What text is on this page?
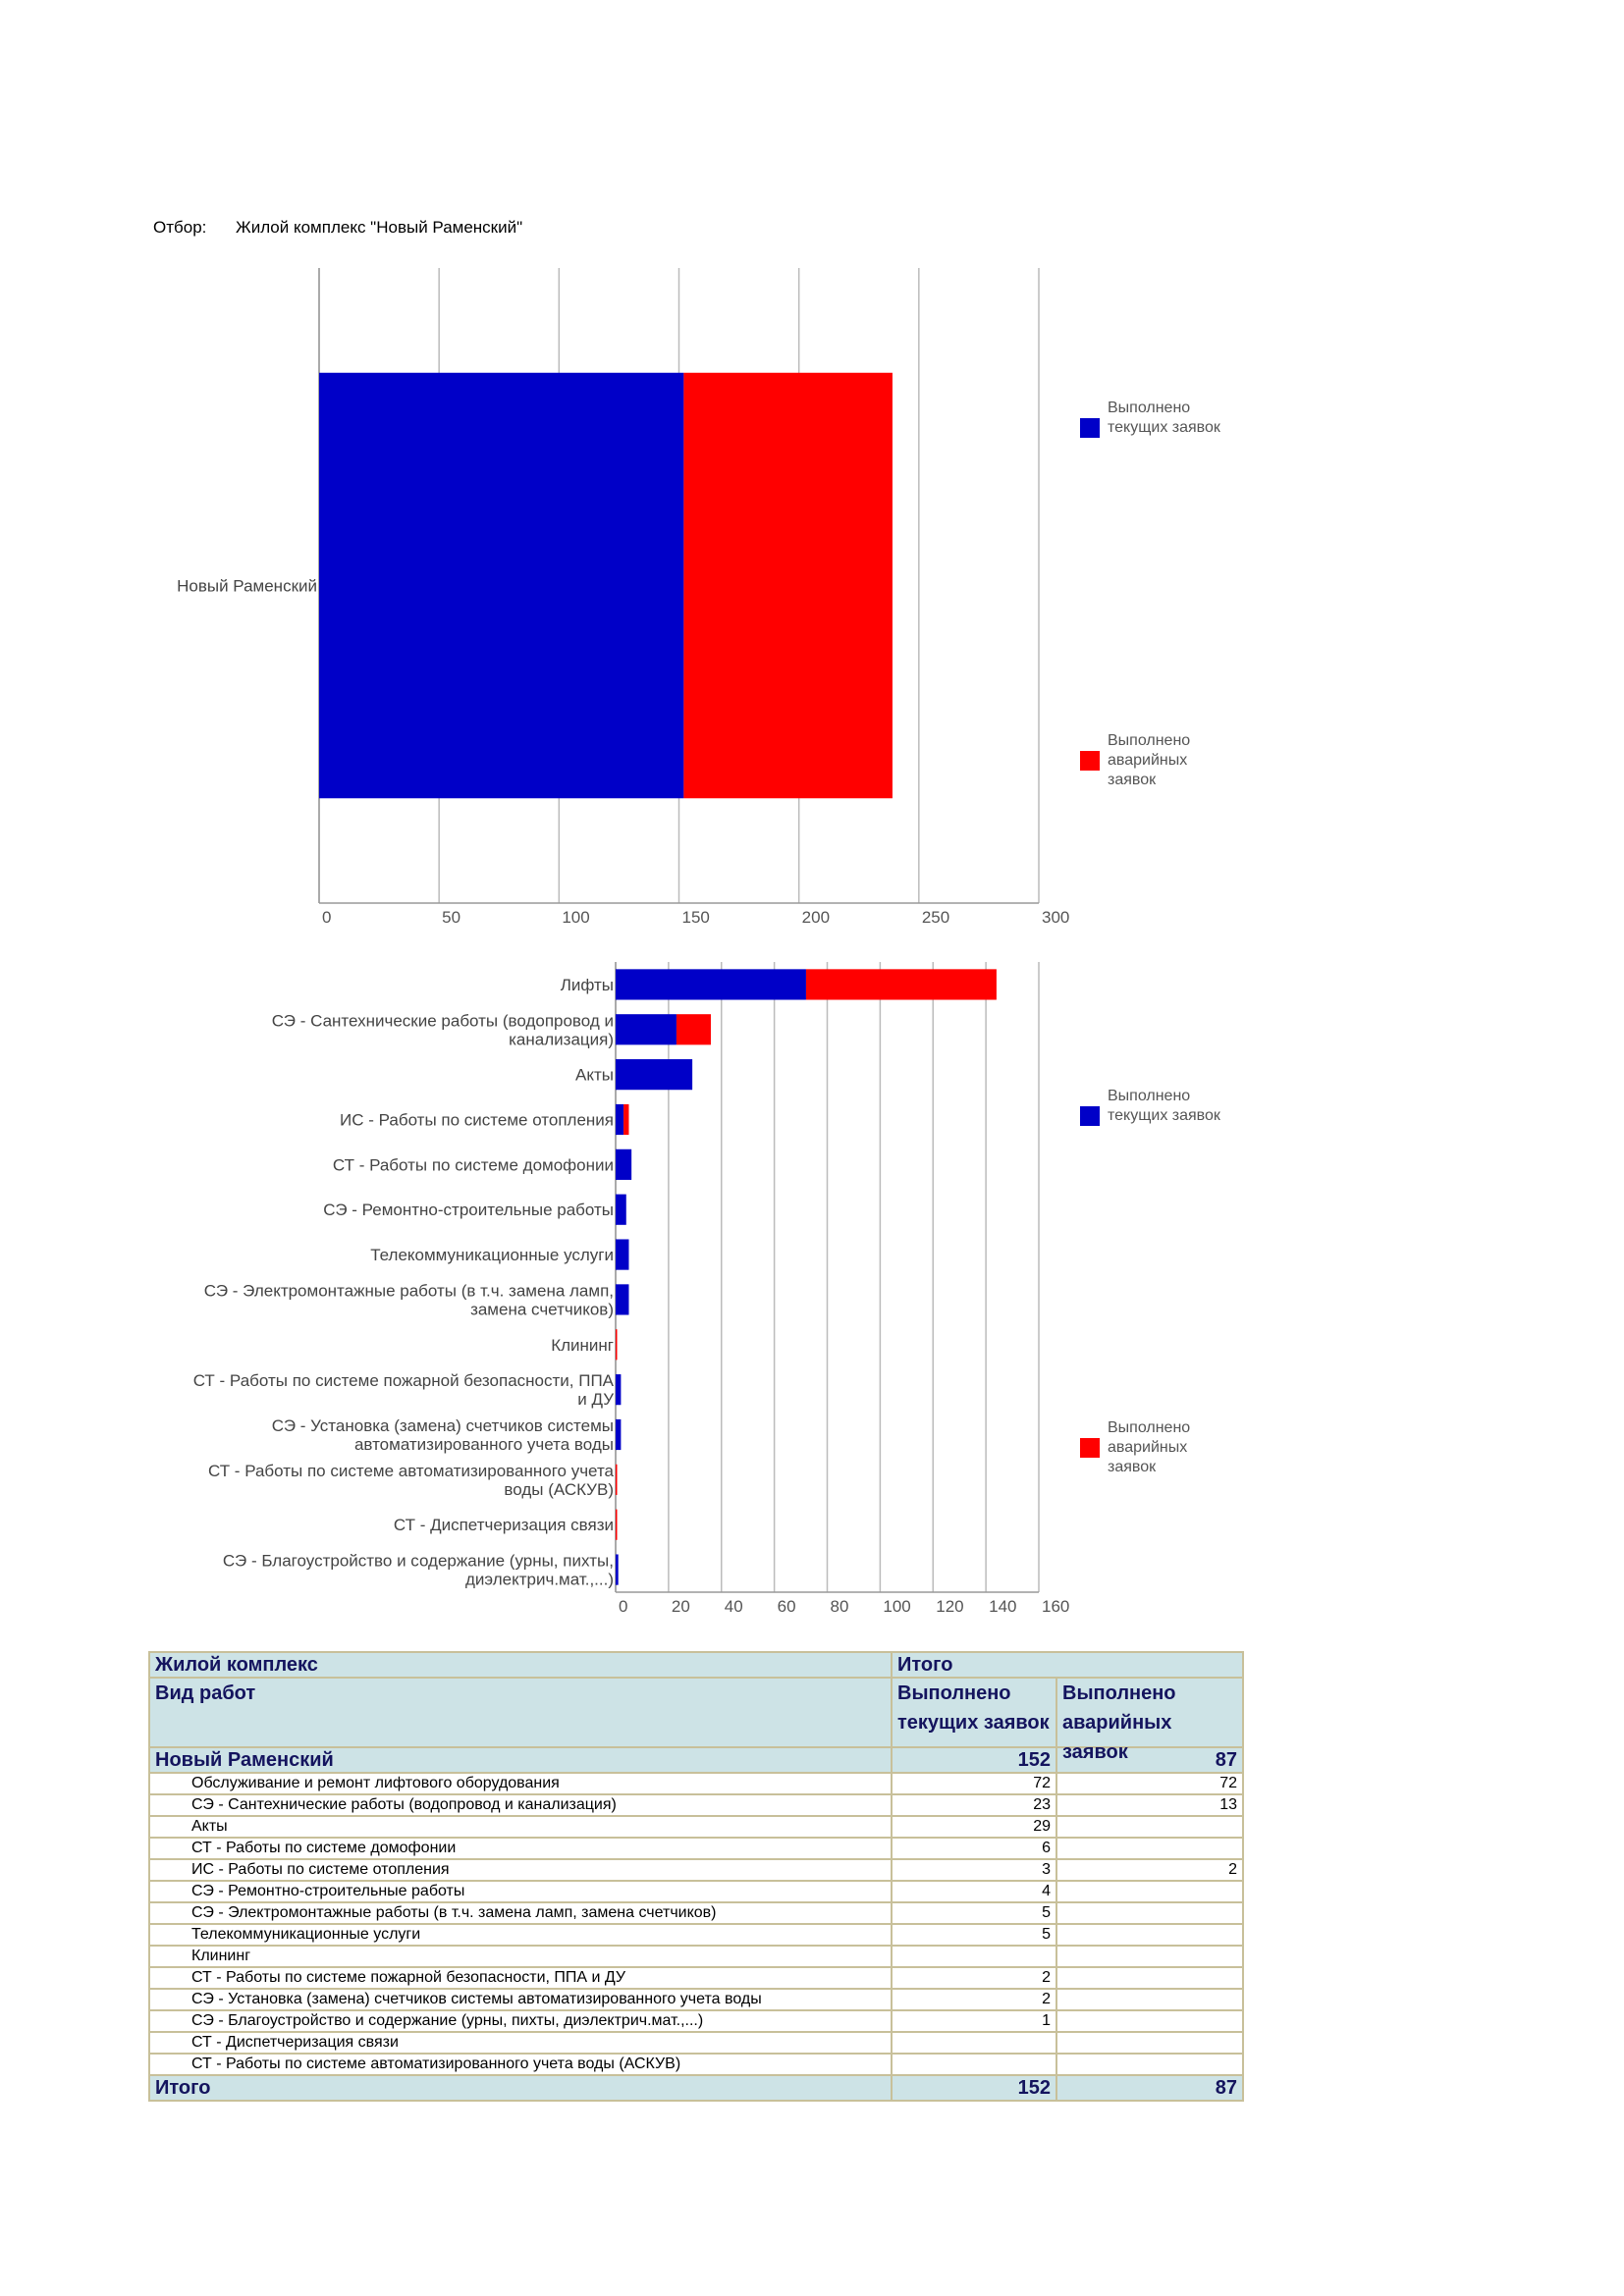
Отбор: Жилой комплекс "Новый Раменский"
0	50	100	150	200	250	300
Новый Раменский
Выполнено
текущих заявок
Выполнено
аварийных
заявок
0	20 40 60 80 100 120 140 160
Лифты
СЭ - Сантехнические работы (водопровод и
канализация)
Акты
ИС - Работы по системе отопления
СТ - Работы по системе домофонии
СЭ - Ремонтно-строительные работы
Телекоммуникационные услуги
СЭ - Электромонтажные работы (в т.ч. замена ламп,
замена счетчиков)
Клининг
СТ - Работы по системе пожарной безопасности, ППА
и ДУ
СЭ - Установка (замена) счетчиков системы
автоматизированного учета воды
СТ - Работы по системе автоматизированного учета
воды (АСКУВ)
СТ - Диспетчеризация связи
СЭ - Благоустройство и содержание (урны, пихты,
диэлектрич.мат.,...)
Выполнено
текущих заявок
Выполнено
аварийных
заявок
Жилой комплекс	Итого	

Вид работ	Выполнено текущих заявок	Выполнено аварийных заявок

Новый Раменский	152	87
Обслуживание и ремонт лифтового оборудования	72	72
СЭ - Сантехнические работы (водопровод и канализация)	23	13
Акты	29	
СТ - Работы по системе домофонии	6	
ИС - Работы по системе отопления	3	2
СЭ - Ремонтно-строительные работы	4	
СЭ - Электромонтажные работы (в т.ч. замена ламп, замена счетчиков)	5	
Телекоммуникационные услуги	5	
Клининг		
СТ - Работы по системе пожарной безопасности, ППА и ДУ	2	
СЭ - Установка (замена) счетчиков системы автоматизированного учета воды	2	
СЭ - Благоустройство и содержание (урны, пихты, диэлектрич.мат.,...)	1	
СТ - Диспетчеризация связи		
СТ - Работы по системе автоматизированного учета воды (АСКУВ)		
Итого	152	87
